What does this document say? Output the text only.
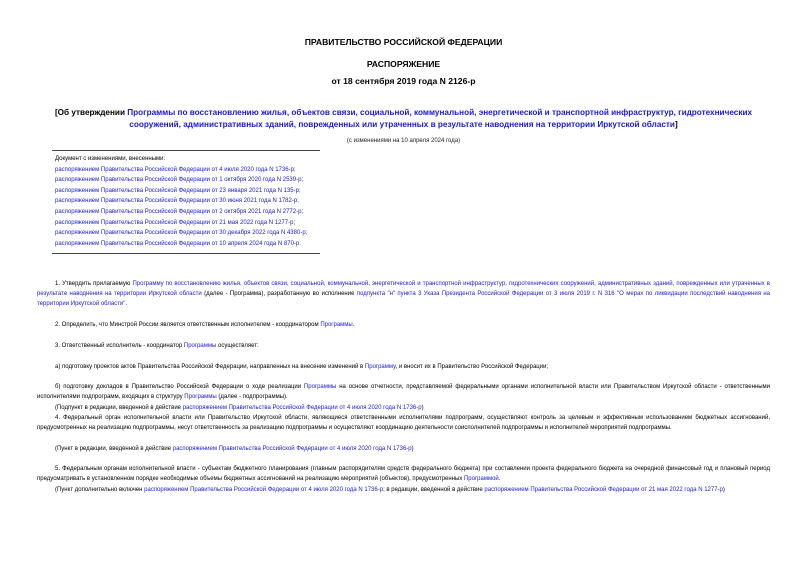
ПРАВИТЕЛЬСТВО РОССИЙСКОЙ ФЕДЕРАЦИИ
РАСПОРЯЖЕНИЕ
от 18 сентября 2019 года N 2126-р
[Об утверждении Программы по восстановлению жилья, объектов связи, социальной, коммунальной, энергетической и транспортной инфраструктур, гидротехнических сооружений, административных зданий, поврежденных или утраченных в результате наводнения на территории Иркутской области]
(с изменениями на 10 апреля 2024 года)
Документ с изменениями, внесенными:
распоряжением Правительства Российской Федерации от 4 июля 2020 года N 1736-р;
распоряжением Правительства Российской Федерации от 1 октября 2020 года N 2539-р;
распоряжением Правительства Российской Федерации от 23 января 2021 года N 135-р;
распоряжением Правительства Российской Федерации от 30 июня 2021 года N 1782-р;
распоряжением Правительства Российской Федерации от 2 октября 2021 года N 2772-р;
распоряжением Правительства Российской Федерации от 21 мая 2022 года N 1277-р;
распоряжением Правительства Российской Федерации от 30 декабря 2022 года N 4380-р;
распоряжением Правительства Российской Федерации от 10 апреля 2024 года N 870-р.
1. Утвердить прилагаемую Программу по восстановлению жилья, объектов связи, социальной, коммунальной, энергетической и транспортной инфраструктур, гидротехнических сооружений, административных зданий, поврежденных или утраченных в результате наводнения на территории Иркутской области (далее - Программа), разработанную во исполнение подпункта "н" пункта 3 Указа Президента Российской Федерации от 3 июля 2019 г. N 316 "О мерах по ликвидации последствий наводнения на территории Иркутской области".
2. Определить, что Минстрой России является ответственным исполнителем - координатором Программы.
3. Ответственный исполнитель - координатор Программы осуществляет:
а) подготовку проектов актов Правительства Российской Федерации, направленных на внесение изменений в Программу, и вносит их в Правительство Российской Федерации;
б) подготовку докладов в Правительство Российской Федерации о ходе реализации Программы на основе отчетности, представляемой федеральными органами исполнительной власти или Правительством Иркутской области - ответственными исполнителями подпрограмм, входящих в структуру Программы (далее - подпрограммы).
(Подпункт в редакции, введенной в действие распоряжением Правительства Российской Федерации от 4 июля 2020 года N 1736-р)
4. Федеральный орган исполнительной власти или Правительство Иркутской области, являющиеся ответственными исполнителями подпрограмм, осуществляют контроль за целевым и эффективным использованием бюджетных ассигнований, предусмотренных на реализацию подпрограммы, несут ответственность за реализацию подпрограммы и осуществляют координацию деятельности соисполнителей подпрограммы и исполнителей мероприятий подпрограммы.
(Пункт в редакции, введенной в действие распоряжением Правительства Российской Федерации от 4 июля 2020 года N 1736-р)
5. Федеральным органам исполнительной власти - субъектам бюджетного планирования (главным распорядителям средств федерального бюджета) при составлении проекта федерального бюджета на очередной финансовый год и плановый период предусматривать в установленном порядке необходимые объемы бюджетных ассигнований на реализацию мероприятий (объектов), предусмотренных Программой.
(Пункт дополнительно включен распоряжением Правительства Российской Федерации от 4 июля 2020 года N 1736-р; в редакции, введенной в действие распоряжением Правительства Российской Федерации от 21 мая 2022 года N 1277-р)
